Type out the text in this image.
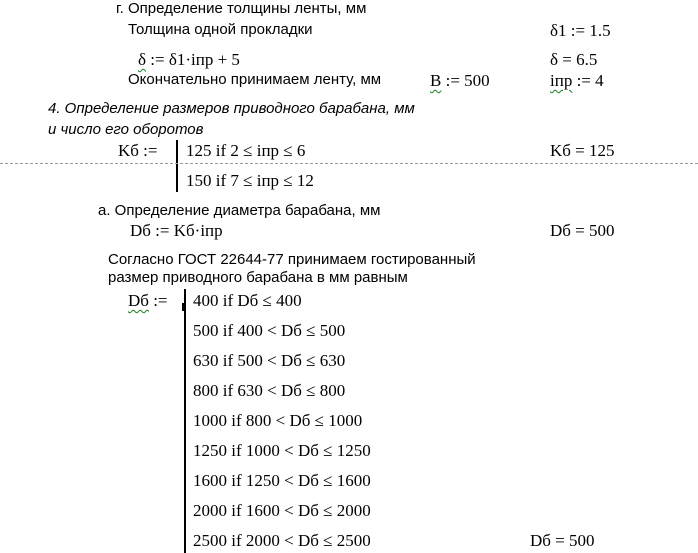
г. Определение толщины ленты, мм
Толщина одной прокладки	δ1 := 1.5
δ := δ1·iпр + 5	δ = 6.5
Окончательно принимаем ленту, мм	B := 500	iпр := 4
4. Определение размеров приводного барабана, мм
и число его оборотов
Kб := 125 if 2 ≤ iпр ≤ 6
150 if 7 ≤ iпр ≤ 12
Kб = 125
а. Определение диаметра барабана, мм
Dб := Kб·iпр	Dб = 500
Согласно ГОСТ 22644-77 принимаем гостированный
размер приводного барабана в мм равным
Dб := 400 if Dб ≤ 400
500 if 400 < Dб ≤ 500
630 if 500 < Dб ≤ 630
800 if 630 < Dб ≤ 800
1000 if 800 < Dб ≤ 1000
1250 if 1000 < Dб ≤ 1250
1600 if 1250 < Dб ≤ 1600
2000 if 1600 < Dб ≤ 2000
2500 if 2000 < Dб ≤ 2500	Dб = 500
